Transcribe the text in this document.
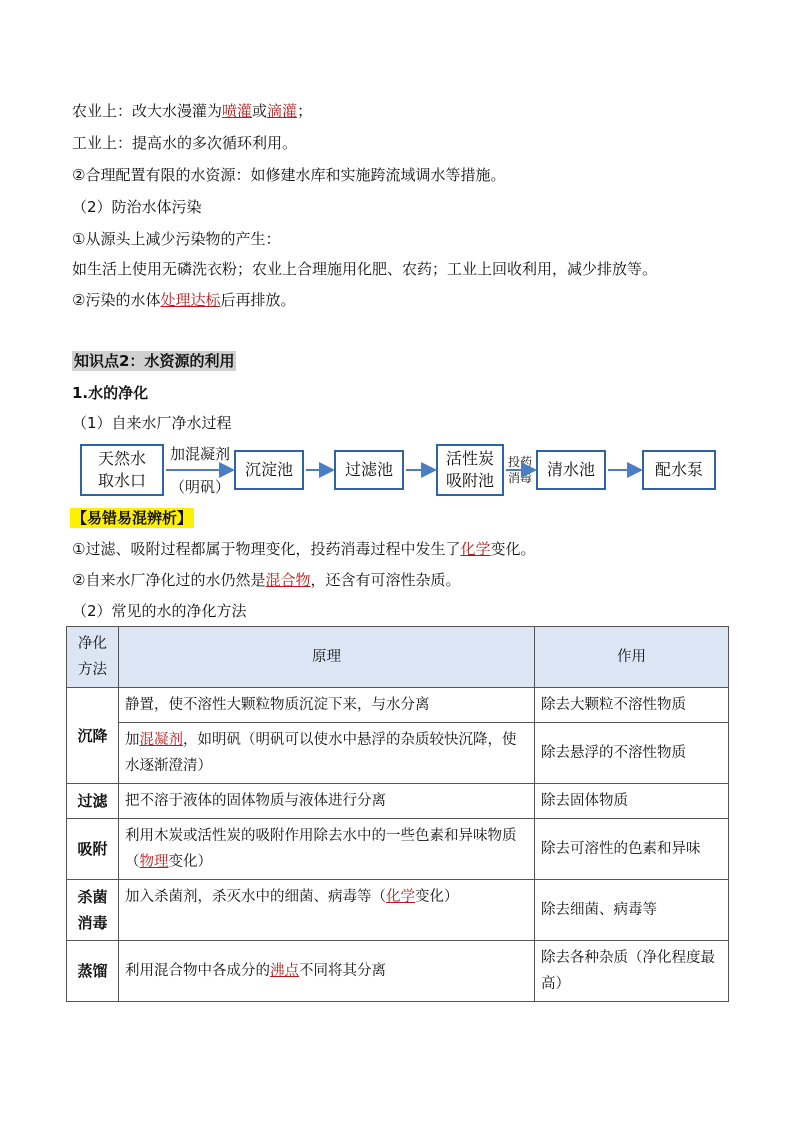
农业上：改大水漫灌为喷灌或滴灌；
工业上：提高水的多次循环利用。
②合理配置有限的水资源：如修建水库和实施跨流域调水等措施。
（2）防治水体污染
①从源头上减少污染物的产生：
如生活上使用无磷洗衣粉；农业上合理施用化肥、农药；工业上回收利用，减少排放等。
②污染的水体处理达标后再排放。
知识点2：水资源的利用
1.水的净化
（1）自来水厂净水过程
天然水
取水口
加混凝剂
（明矾）
沉淀池	过滤池
活性炭
吸附池
投药
消毒 清水池	配水泵
【易错易混辨析】
①过滤、吸附过程都属于物理变化，投药消毒过程中发生了化学变化。
②自来水厂净化过的水仍然是混合物，还含有可溶性杂质。
（2）常见的水的净化方法
净化
方法	原理	作用
沉降	静置，使不溶性大颗粒物质沉淀下来，与水分离	除去大颗粒不溶性物质
	加混凝剂，如明矾（明矾可以使水中悬浮的杂质较快沉降，使水逐渐澄清）	除去悬浮的不溶性物质
过滤	把不溶于液体的固体物质与液体进行分离	除去固体物质
吸附	利用木炭或活性炭的吸附作用除去水中的一些色素和异味物质（物理变化）	除去可溶性的色素和异味

杀菌
消毒	加入杀菌剂，杀灭水中的细菌、病毒等（化学变化）	除去细菌、病毒等
蒸馏	利用混合物中各成分的沸点不同将其分离	除去各种杂质（净化程度最高）
